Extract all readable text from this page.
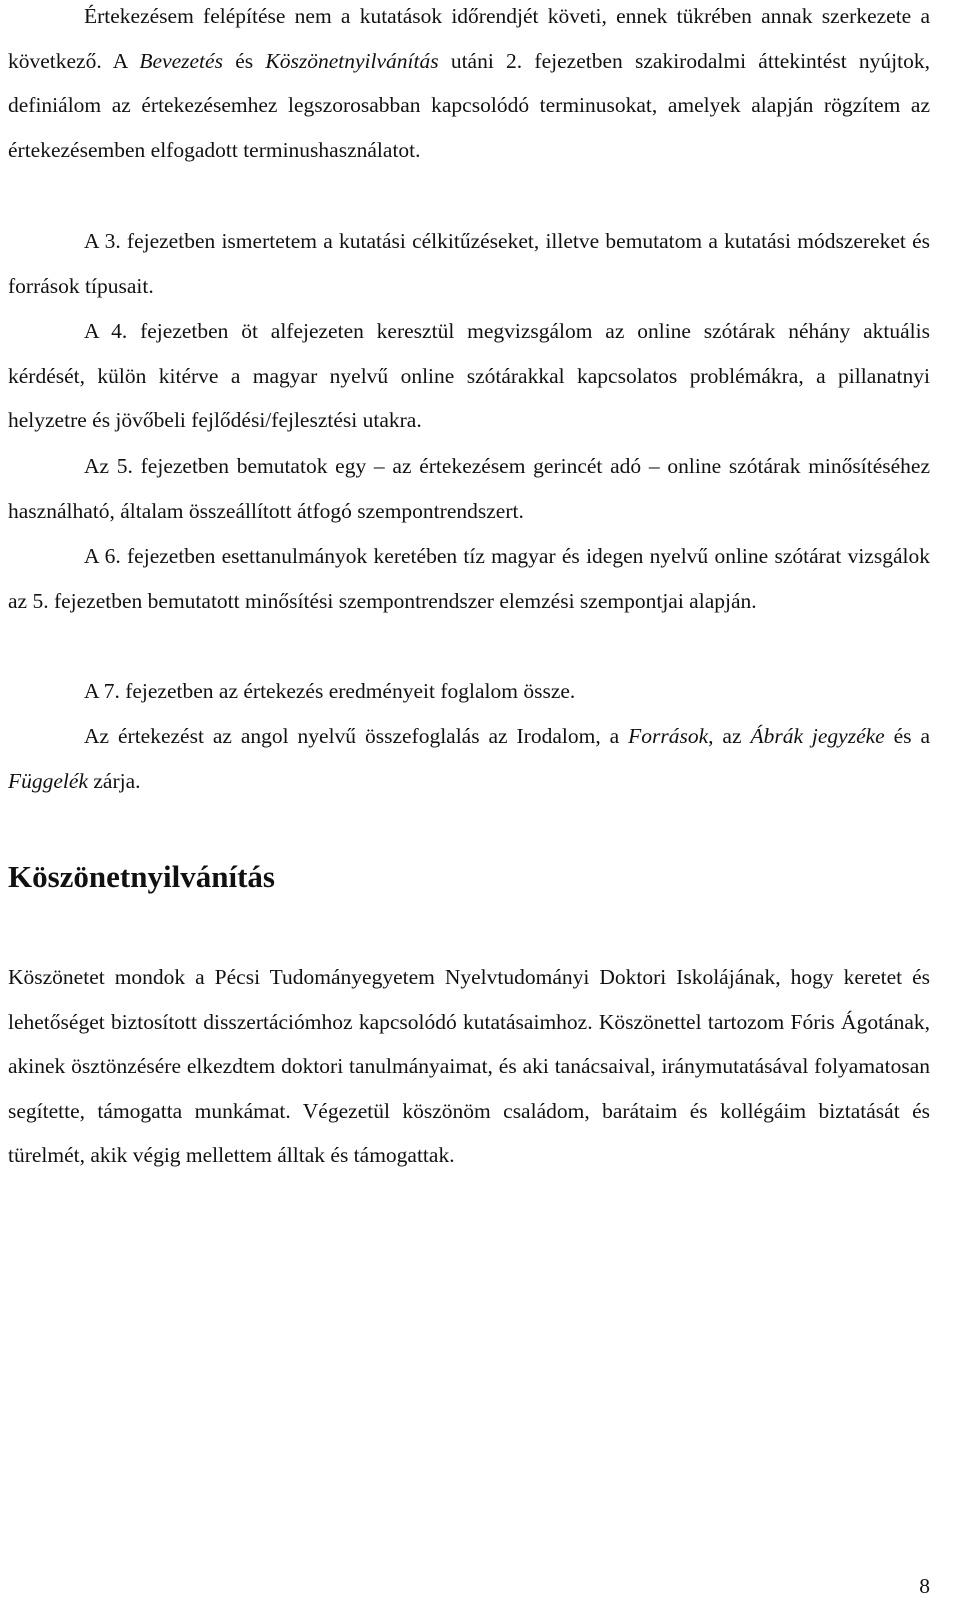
Értekezésem felépítése nem a kutatások időrendjét követi, ennek tükrében annak szerkezete a következő. A Bevezetés és Köszönetnyilvánítás utáni 2. fejezetben szakirodalmi áttekintést nyújtok, definiálom az értekezésemhez legszorosabban kapcsolódó terminusokat, amelyek alapján rögzítem az értekezésemben elfogadott terminushasználatot.

A 3. fejezetben ismertetem a kutatási célkitűzéseket, illetve bemutatom a kutatási módszereket és források típusait.

A 4. fejezetben öt alfejezeten keresztül megvizsgálom az online szótárak néhány aktuális kérdését, külön kitérve a magyar nyelvű online szótárakkal kapcsolatos problémákra, a pillanatnyi helyzetre és jövőbeli fejlődési/fejlesztési utakra.

Az 5. fejezetben bemutatok egy – az értekezésem gerincét adó – online szótárak minősítéséhez használható, általam összeállított átfogó szempontrendszert.

A 6. fejezetben esettanulmányok keretében tíz magyar és idegen nyelvű online szótárat vizsgálok az 5. fejezetben bemutatott minősítési szempontrendszer elemzési szempontjai alapján.

A 7. fejezetben az értekezés eredményeit foglalom össze.

Az értekezést az angol nyelvű összefoglalás az Irodalom, a Források, az Ábrák jegyzéke és a Függelék zárja.

Köszönetnyilvánítás

Köszönetet mondok a Pécsi Tudományegyetem Nyelvtudományi Doktori Iskolájának, hogy keretet és lehetőséget biztosított disszertációmhoz kapcsolódó kutatásaimhoz. Köszönettel tartozom Fóris Ágotának, akinek ösztönzésére elkezdtem doktori tanulmányaimat, és aki tanácsaival, iránymutatásával folyamatosan segítette, támogatta munkámat. Végezetül köszönöm családom, barátaim és kollégáim biztatását és türelmét, akik végig mellettem álltak és támogattak.

8
